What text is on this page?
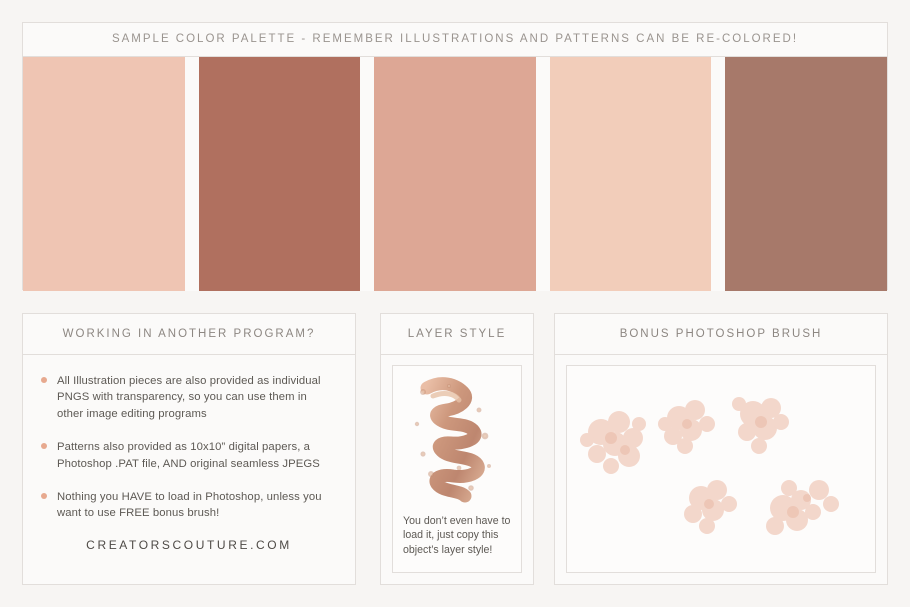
SAMPLE COLOR PALETTE - REMEMBER ILLUSTRATIONS AND PATTERNS CAN BE RE-COLORED!
WORKING IN ANOTHER PROGRAM?
All Illustration pieces are also provided as individual PNGS with transparency, so you can use them in other image editing programs
Patterns also provided as 10x10” digital papers, a Photoshop .PAT file, AND original seamless JPEGS
Nothing you HAVE to load in Photoshop, unless you want to use FREE bonus brush!
CREATORSCOUTURE.COM
LAYER STYLE
You don’t even have to load it, just copy this object’s layer style!
BONUS PHOTOSHOP BRUSH
